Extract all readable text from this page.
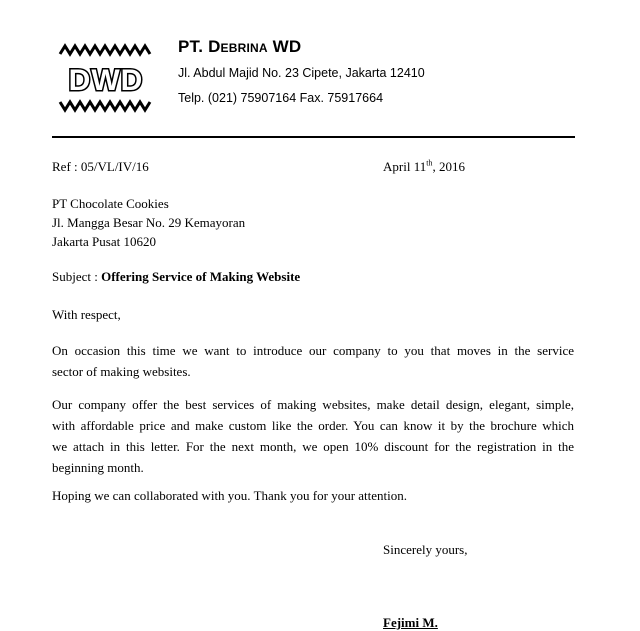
DWD
PT. Debrina WD
Jl. Abdul Majid No. 23 Cipete, Jakarta 12410
Telp. (021) 75907164 Fax. 75917664
Ref : 05/VL/IV/16	April 11th, 2016
PT Chocolate Cookies
Jl. Mangga Besar No. 29 Kemayoran
Jakarta Pusat 10620
Subject : Offering Service of Making Website
With respect,
On occasion this time we want to introduce our company to you that moves in the service
sector of making websites.
Our company offer the best services of making websites, make detail design, elegant, simple,
with affordable price and make custom like the order. You can know it by the brochure which
we attach in this letter. For the next month, we open 10% discount for the registration in the
beginning month.
Hoping we can collaborated with you. Thank you for your attention.
Sincerely yours,
Fejimi M.
